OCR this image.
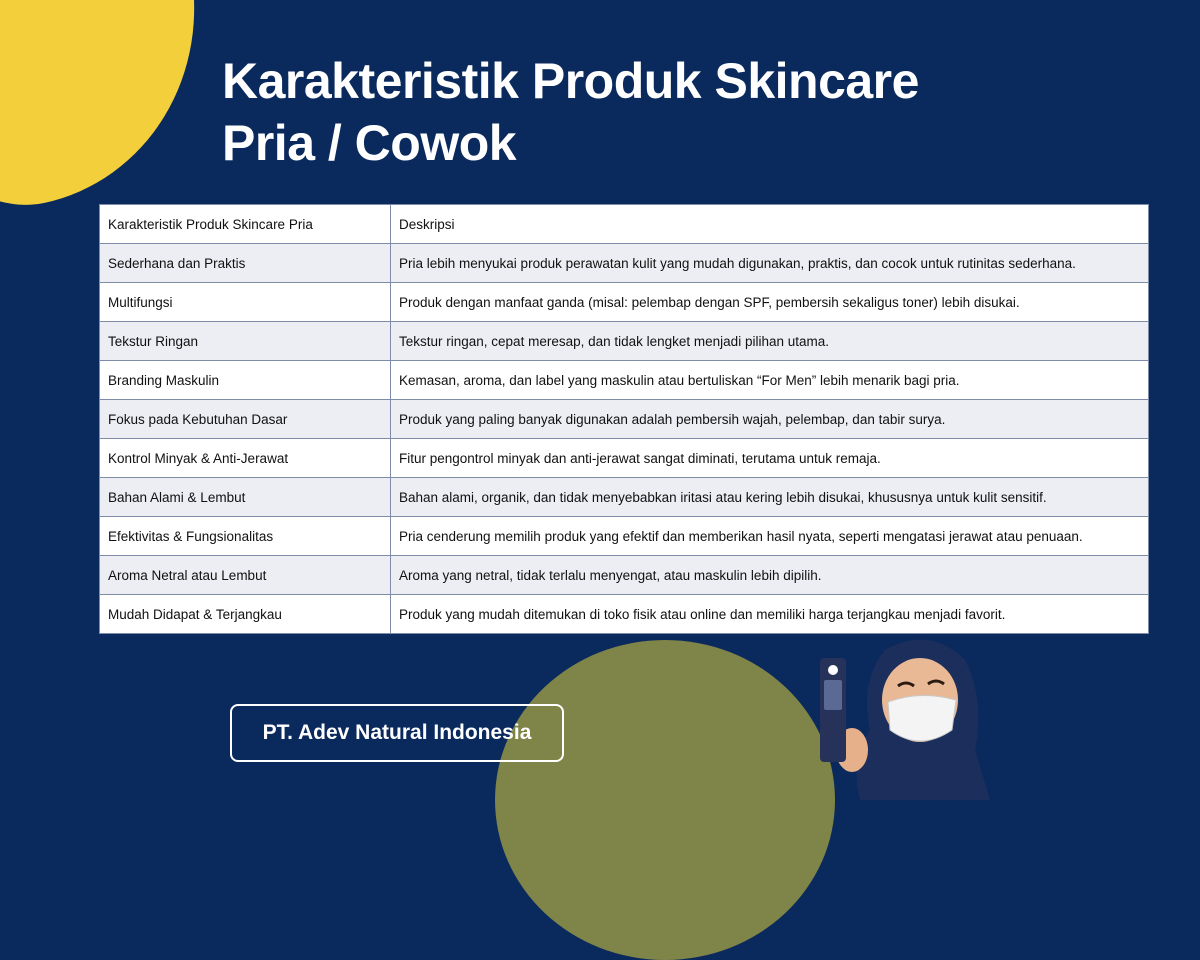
Karakteristik Produk Skincare
Pria / Cowok
Karakteristik Produk Skincare Pria	Deskripsi
Sederhana dan Praktis	Pria lebih menyukai produk perawatan kulit yang mudah digunakan, praktis, dan cocok untuk rutinitas sederhana.
Multifungsi	Produk dengan manfaat ganda (misal: pelembap dengan SPF, pembersih sekaligus toner) lebih disukai.
Tekstur Ringan	Tekstur ringan, cepat meresap, dan tidak lengket menjadi pilihan utama.
Branding Maskulin	Kemasan, aroma, dan label yang maskulin atau bertuliskan “For Men” lebih menarik bagi pria.
Fokus pada Kebutuhan Dasar	Produk yang paling banyak digunakan adalah pembersih wajah, pelembap, dan tabir surya.
Kontrol Minyak & Anti-Jerawat	Fitur pengontrol minyak dan anti-jerawat sangat diminati, terutama untuk remaja.
Bahan Alami & Lembut	Bahan alami, organik, dan tidak menyebabkan iritasi atau kering lebih disukai, khususnya untuk kulit sensitif.
Efektivitas & Fungsionalitas	Pria cenderung memilih produk yang efektif dan memberikan hasil nyata, seperti mengatasi jerawat atau penuaan.
Aroma Netral atau Lembut	Aroma yang netral, tidak terlalu menyengat, atau maskulin lebih dipilih.
Mudah Didapat & Terjangkau	Produk yang mudah ditemukan di toko fisik atau online dan memiliki harga terjangkau menjadi favorit.
PT. Adev Natural Indonesia
